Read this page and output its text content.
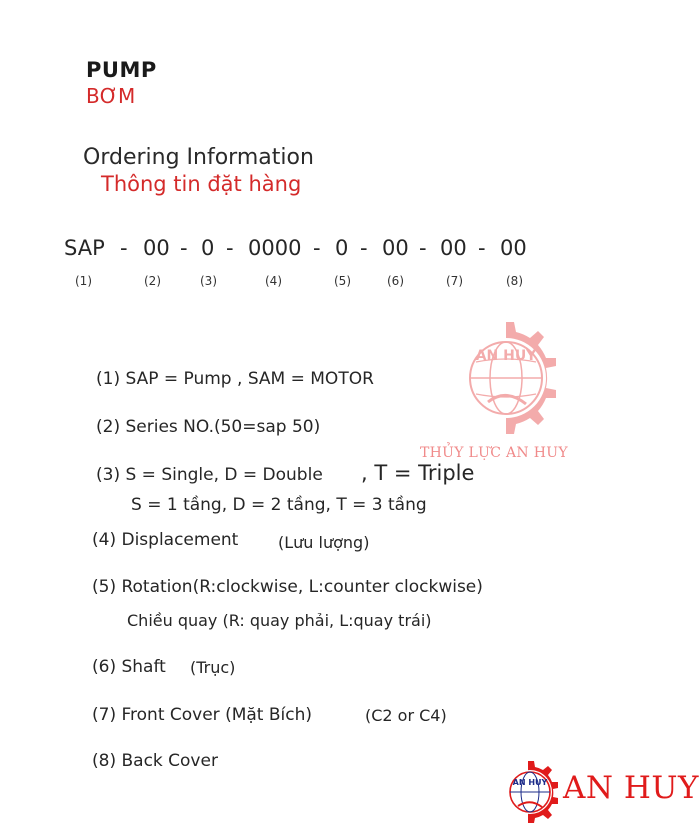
PUMP
BƠM
Ordering Information
Thông tin đặt hàng
SAP - 00 - 0 - 0000 - 0 - 00 - 00 - 00
(1)	(2)	(3)	(4)	(5)	(6)	(7)	(8)
AN HUY
THỦY LỰC AN HUY
(1) SAP = Pump , SAM = MOTOR
(2) Series NO.(50=sap 50)
(3) S = Single, D = Double , T = Triple
S = 1 tầng, D = 2 tầng, T = 3 tầng
(4) Displacement (Lưu lượng)
(5) Rotation(R:clockwise, L:counter clockwise)
Chiều quay (R: quay phải, L:quay trái)
(6) Shaft (Trục)
(7) Front Cover (Mặt Bích)	(C2 or C4)
(8) Back Cover
AN HUY AN HUY
